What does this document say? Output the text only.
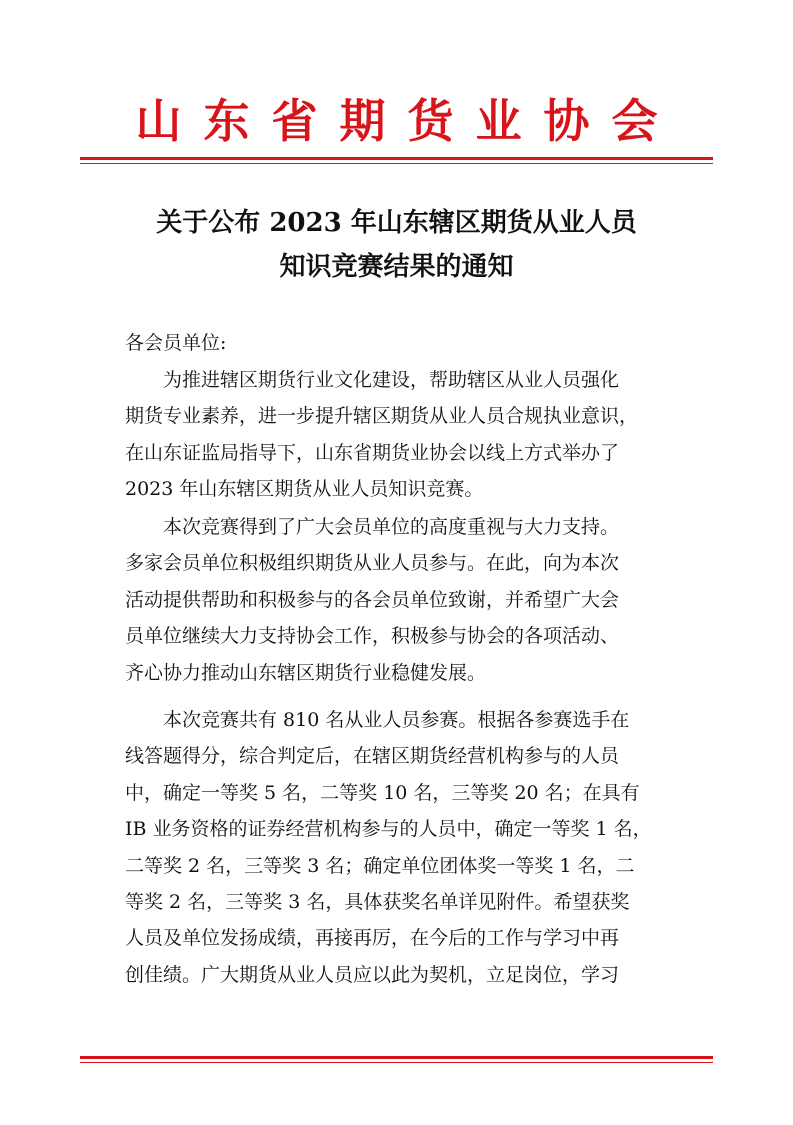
山东省期货业协会
关于公布 2023 年山东辖区期货从业人员
知识竞赛结果的通知
各会员单位:
为推进辖区期货行业文化建设，帮助辖区从业人员强化
期货专业素养，进一步提升辖区期货从业人员合规执业意识，
在山东证监局指导下，山东省期货业协会以线上方式举办了
2023 年山东辖区期货从业人员知识竞赛。
本次竞赛得到了广大会员单位的高度重视与大力支持。
多家会员单位积极组织期货从业人员参与。在此，向为本次
活动提供帮助和积极参与的各会员单位致谢，并希望广大会
员单位继续大力支持协会工作，积极参与协会的各项活动、
齐心协力推动山东辖区期货行业稳健发展。
本次竞赛共有 810 名从业人员参赛。根据各参赛选手在
线答题得分，综合判定后，在辖区期货经营机构参与的人员
中，确定一等奖 5 名，二等奖 10 名，三等奖 20 名；在具有
IB 业务资格的证券经营机构参与的人员中，确定一等奖 1 名，
二等奖 2 名，三等奖 3 名；确定单位团体奖一等奖 1 名，二
等奖 2 名，三等奖 3 名，具体获奖名单详见附件。希望获奖
人员及单位发扬成绩，再接再厉，在今后的工作与学习中再
创佳绩。广大期货从业人员应以此为契机，立足岗位，学习
